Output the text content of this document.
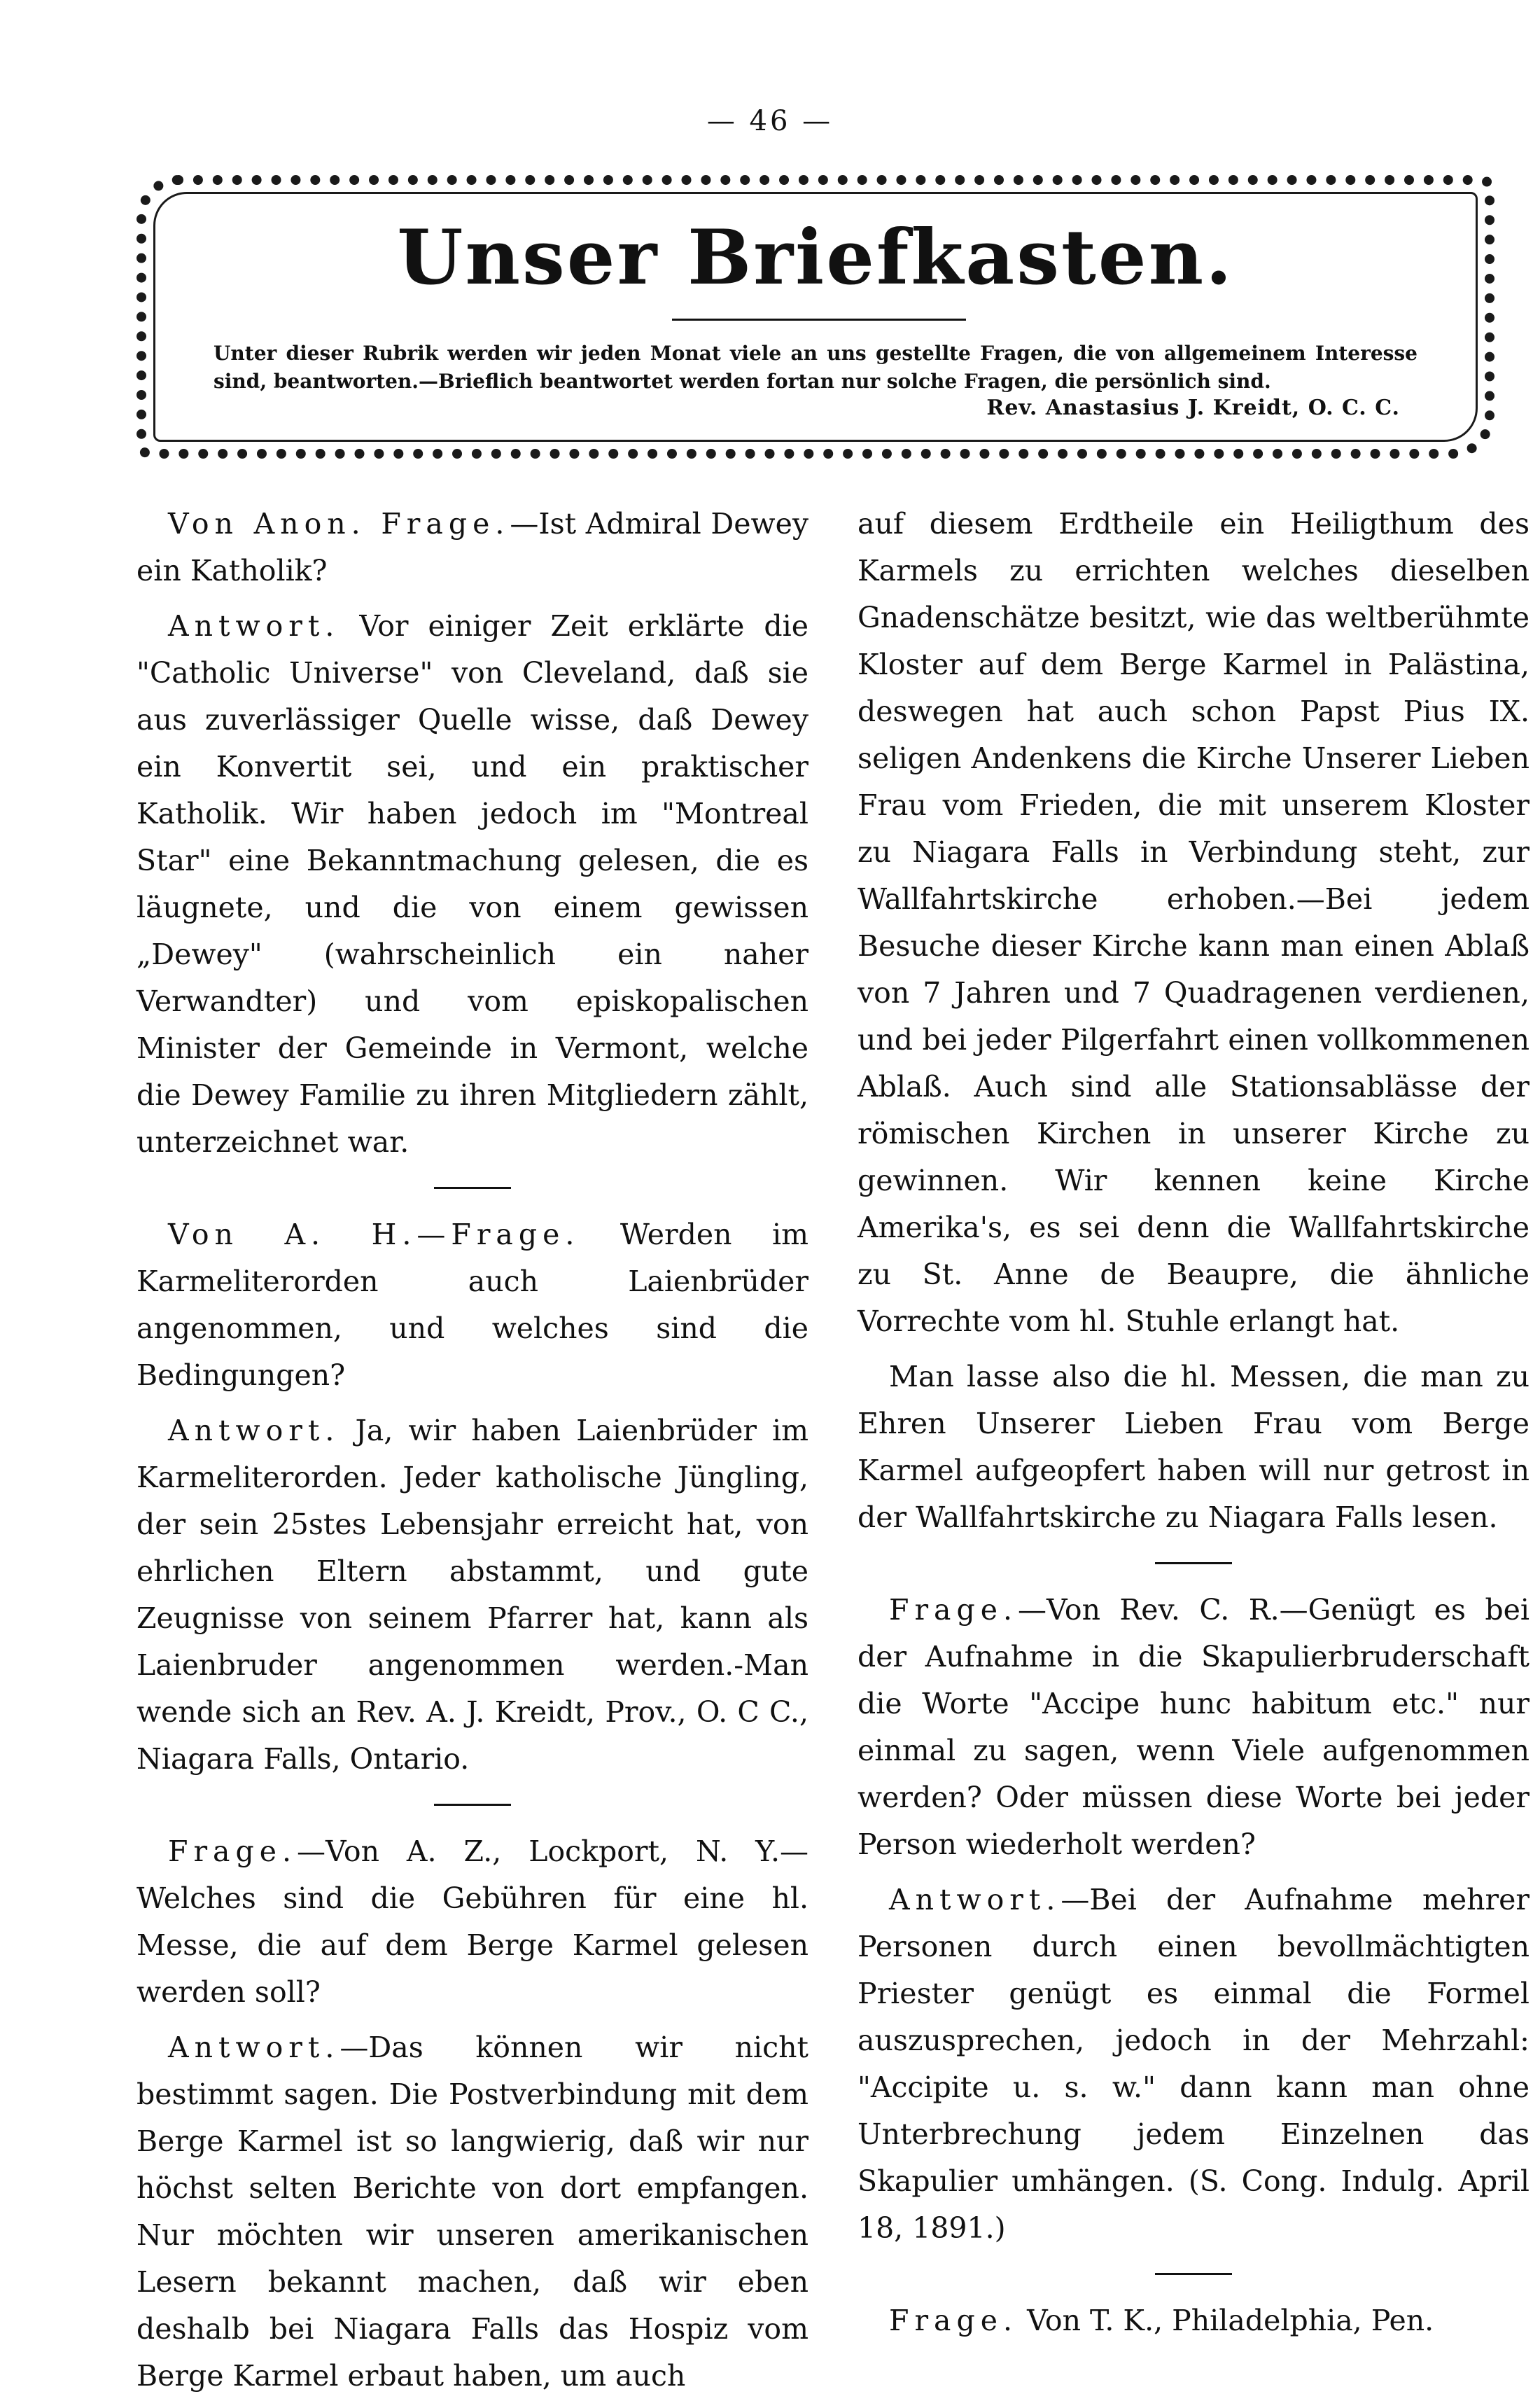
— 46 —
Unser Briefkasten.
Unter dieser Rubrik werden wir jeden Monat viele an uns gestellte Fragen, die von allgemeinem Interesse sind, beantworten.—Brieflich beantwortet werden fortan nur solche Fragen, die persönlich sind.
Rev. Anastasius J. Kreidt, O. C. C.

Von Anon. Frage.—Ist Admiral Dewey ein Katholik?

Antwort. Vor einiger Zeit erklärte die "Catholic Universe" von Cleveland, daß sie aus zuverlässiger Quelle wisse, daß Dewey ein Konvertit sei, und ein praktischer Katholik. Wir haben jedoch im "Montreal Star" eine Bekanntmachung gelesen, die es läugnete, und die von einem gewissen „Dewey" (wahrscheinlich ein naher Verwandter) und vom episkopalischen Minister der Gemeinde in Vermont, welche die Dewey Familie zu ihren Mitgliedern zählt, unterzeichnet war.

Von A. H.—Frage. Werden im Karmeliterorden auch Laienbrüder angenommen, und welches sind die Bedingungen?

Antwort. Ja, wir haben Laienbrüder im Karmeliterorden. Jeder katholische Jüngling, der sein 25stes Lebensjahr erreicht hat, von ehrlichen Eltern abstammt, und gute Zeugnisse von seinem Pfarrer hat, kann als Laienbruder angenommen werden.-Man wende sich an Rev. A. J. Kreidt, Prov., O. C C., Niagara Falls, Ontario.

Frage.—Von A. Z., Lockport, N. Y.—Welches sind die Gebühren für eine hl. Messe, die auf dem Berge Karmel gelesen werden soll?

Antwort.—Das können wir nicht bestimmt sagen. Die Postverbindung mit dem Berge Karmel ist so langwierig, daß wir nur höchst selten Berichte von dort empfangen. Nur möchten wir unseren amerikanischen Lesern bekannt machen, daß wir eben deshalb bei Niagara Falls das Hospiz vom Berge Karmel erbaut haben, um auch

auf diesem Erdtheile ein Heiligthum des Karmels zu errichten welches dieselben Gnadenschätze besitzt, wie das weltberühmte Kloster auf dem Berge Karmel in Palästina, deswegen hat auch schon Papst Pius IX. seligen Andenkens die Kirche Unserer Lieben Frau vom Frieden, die mit unserem Kloster zu Niagara Falls in Verbindung steht, zur Wallfahrtskirche erhoben.—Bei jedem Besuche dieser Kirche kann man einen Ablaß von 7 Jahren und 7 Quadragenen verdienen, und bei jeder Pilgerfahrt einen vollkommenen Ablaß. Auch sind alle Stationsablässe der römischen Kirchen in unserer Kirche zu gewinnen. Wir kennen keine Kirche Amerika's, es sei denn die Wallfahrtskirche zu St. Anne de Beaupre, die ähnliche Vorrechte vom hl. Stuhle erlangt hat.

Man lasse also die hl. Messen, die man zu Ehren Unserer Lieben Frau vom Berge Karmel aufgeopfert haben will nur getrost in der Wallfahrtskirche zu Niagara Falls lesen.

Frage.—Von Rev. C. R.—Genügt es bei der Aufnahme in die Skapulierbruderschaft die Worte "Accipe hunc habitum etc." nur einmal zu sagen, wenn Viele aufgenommen werden? Oder müssen diese Worte bei jeder Person wiederholt werden?

Antwort.—Bei der Aufnahme mehrer Personen durch einen bevollmächtigten Priester genügt es einmal die Formel auszusprechen, jedoch in der Mehrzahl: "Accipite u. s. w." dann kann man ohne Unterbrechung jedem Einzelnen das Skapulier umhängen. (S. Cong. Indulg. April 18, 1891.)

Frage. Von T. K., Philadelphia, Pen.
